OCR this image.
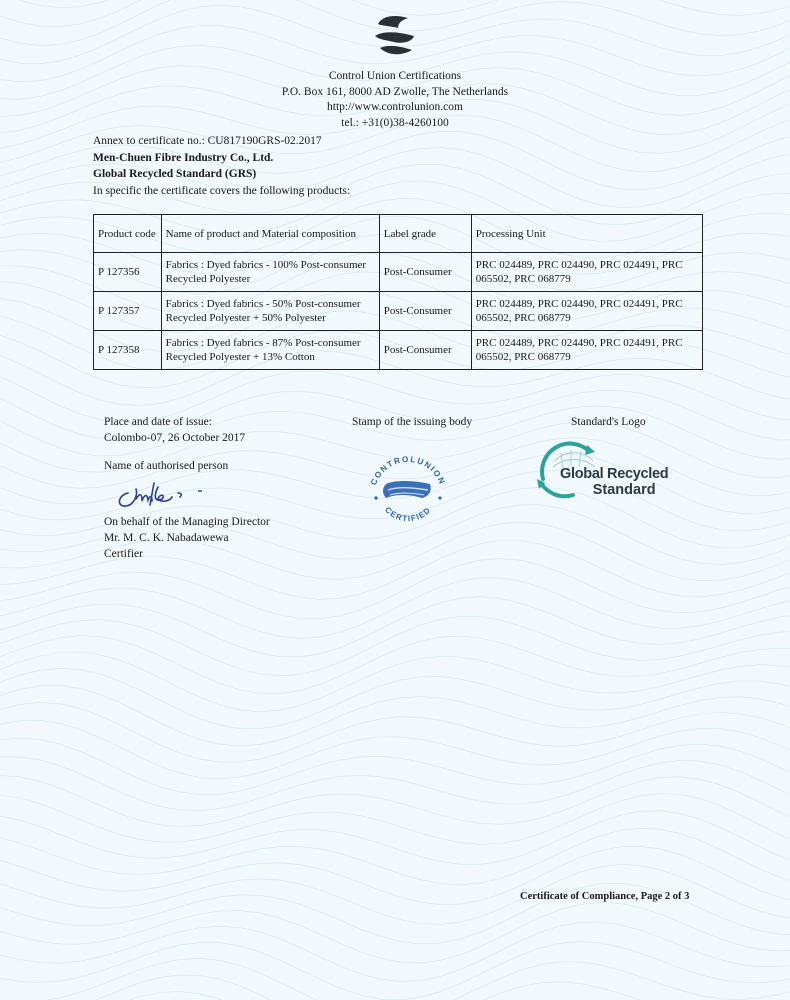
Control Union Certifications
P.O. Box 161, 8000 AD Zwolle, The Netherlands
http://www.controlunion.com
tel.: +31(0)38-4260100
Annex to certificate no.: CU817190GRS-02.2017
Men-Chuen Fibre Industry Co., Ltd.
Global Recycled Standard (GRS)
In specific the certificate covers the following products:
Product code	Name of product and Material composition	Label grade	Processing Unit
P 127356	Fabrics : Dyed fabrics - 100% Post-consumer Recycled Polyester	Post-Consumer	PRC 024489, PRC 024490, PRC 024491, PRC 065502, PRC 068779
P 127357	Fabrics : Dyed fabrics - 50% Post-consumer Recycled Polyester + 50% Polyester	Post-Consumer	PRC 024489, PRC 024490, PRC 024491, PRC 065502, PRC 068779
P 127358	Fabrics : Dyed fabrics - 87% Post-consumer Recycled Polyester + 13% Cotton	Post-Consumer	PRC 024489, PRC 024490, PRC 024491, PRC 065502, PRC 068779
Place and date of issue:
Colombo-07, 26 October 2017
Name of authorised person
On behalf of the Managing Director
Mr. M. C. K. Nabadawewa
Certifier
Stamp of the issuing body
CONTROLUNION
CERTIFIED
Standard's Logo
Global Recycled
Standard
Certificate of Compliance, Page 2 of 3
